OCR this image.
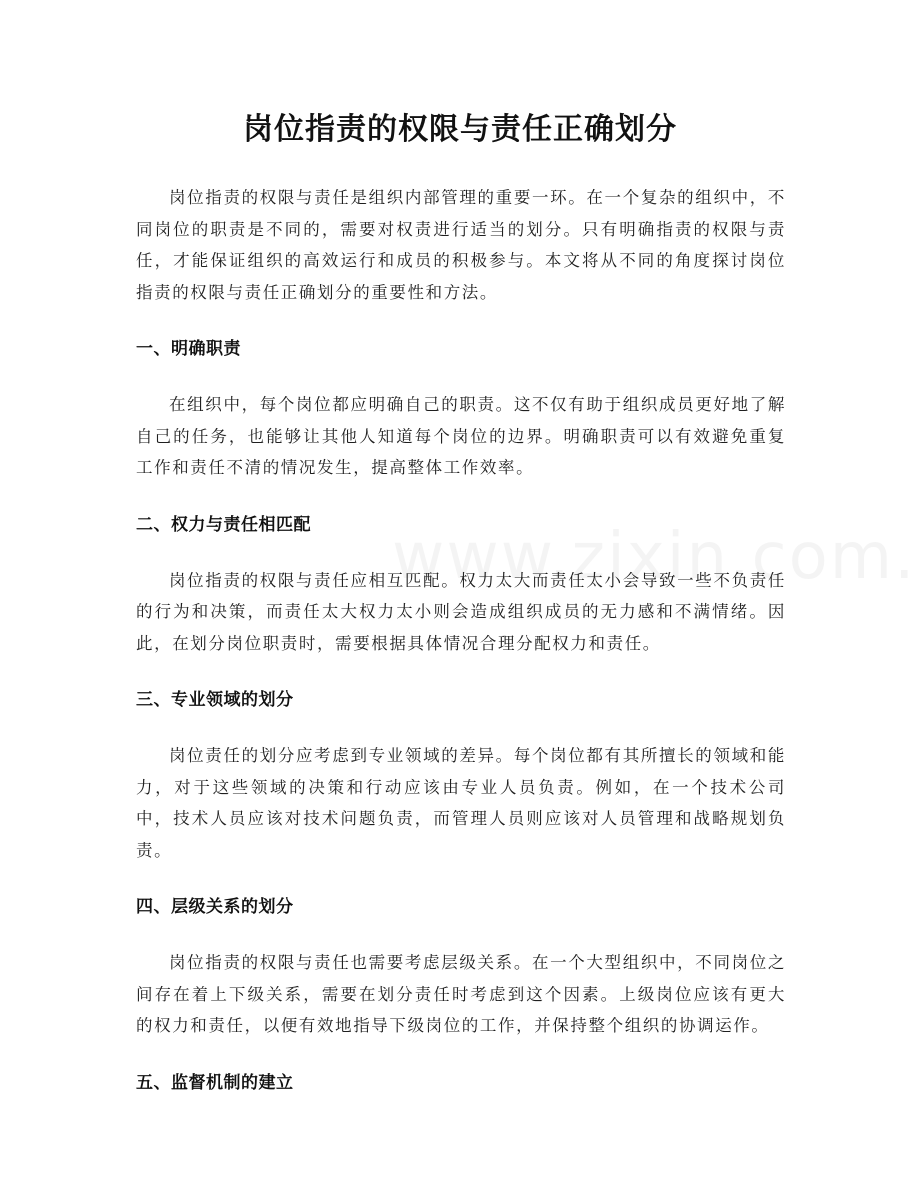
岗位指责的权限与责任正确划分

岗位指责的权限与责任是组织内部管理的重要一环。在一个复杂的组织中，不同岗位的职责是不同的，需要对权责进行适当的划分。只有明确指责的权限与责任，才能保证组织的高效运行和成员的积极参与。本文将从不同的角度探讨岗位指责的权限与责任正确划分的重要性和方法。

一、明确职责

在组织中，每个岗位都应明确自己的职责。这不仅有助于组织成员更好地了解自己的任务，也能够让其他人知道每个岗位的边界。明确职责可以有效避免重复工作和责任不清的情况发生，提高整体工作效率。

二、权力与责任相匹配

岗位指责的权限与责任应相互匹配。权力太大而责任太小会导致一些不负责任的行为和决策，而责任太大权力太小则会造成组织成员的无力感和不满情绪。因此，在划分岗位职责时，需要根据具体情况合理分配权力和责任。

三、专业领域的划分

岗位责任的划分应考虑到专业领域的差异。每个岗位都有其所擅长的领域和能力，对于这些领域的决策和行动应该由专业人员负责。例如，在一个技术公司中，技术人员应该对技术问题负责，而管理人员则应该对人员管理和战略规划负责。

四、层级关系的划分

岗位指责的权限与责任也需要考虑层级关系。在一个大型组织中，不同岗位之间存在着上下级关系，需要在划分责任时考虑到这个因素。上级岗位应该有更大的权力和责任，以便有效地指导下级岗位的工作，并保持整个组织的协调运作。

五、监督机制的建立
